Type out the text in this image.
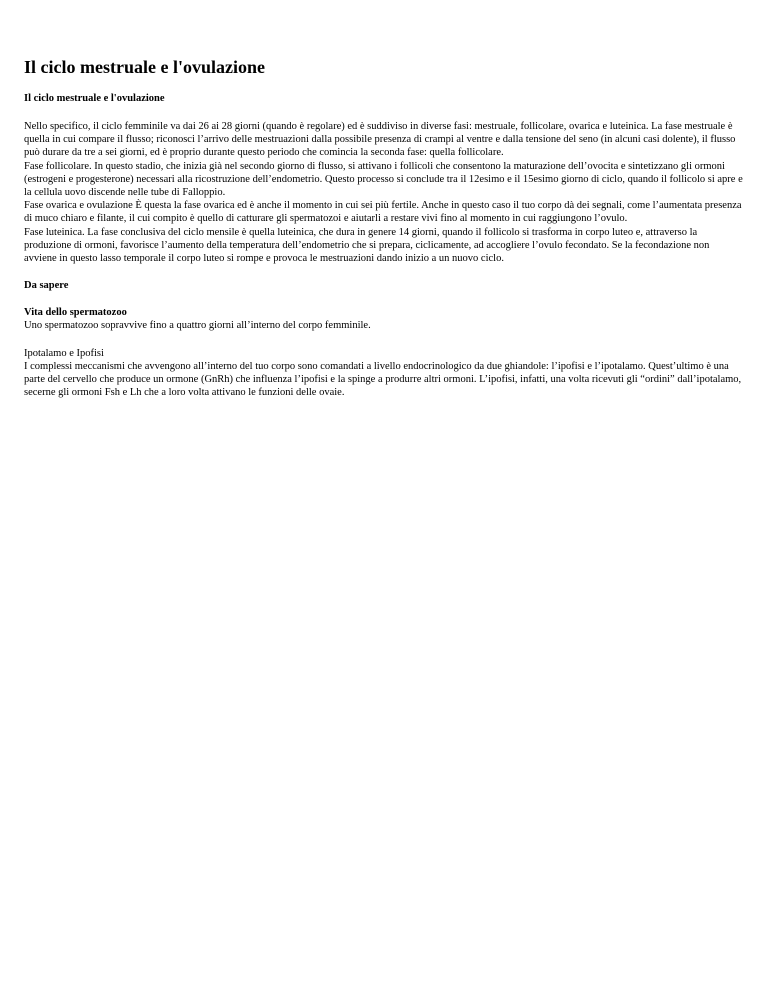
Il ciclo mestruale e l'ovulazione
Il ciclo mestruale e l'ovulazione
Nello specifico, il ciclo femminile va dai 26 ai 28 giorni (quando è regolare) ed è suddiviso in diverse fasi: mestruale, follicolare, ovarica e luteinica. La fase mestruale è quella in cui compare il flusso; riconosci l’arrivo delle mestruazioni dalla possibile presenza di crampi al ventre e dalla tensione del seno (in alcuni casi dolente), il flusso può durare da tre a sei giorni, ed è proprio durante questo periodo che comincia la seconda fase: quella follicolare.
Fase follicolare. In questo stadio, che inizia già nel secondo giorno di flusso, si attivano i follicoli che consentono la maturazione dell’ovocita e sintetizzano gli ormoni (estrogeni e progesterone) necessari alla ricostruzione dell’endometrio. Questo processo si conclude tra il 12esimo e il 15esimo giorno di ciclo, quando il follicolo si apre e la cellula uovo discende nelle tube di Falloppio.
Fase ovarica e ovulazione È questa la fase ovarica ed è anche il momento in cui sei più fertile. Anche in questo caso il tuo corpo dà dei segnali, come l’aumentata presenza di muco chiaro e filante, il cui compito è quello di catturare gli spermatozoi e aiutarli a restare vivi fino al momento in cui raggiungono l’ovulo.
Fase luteinica. La fase conclusiva del ciclo mensile è quella luteinica, che dura in genere 14 giorni, quando il follicolo si trasforma in corpo luteo e, attraverso la produzione di ormoni, favorisce l’aumento della temperatura dell’endometrio che si prepara, ciclicamente, ad accogliere l’ovulo fecondato. Se la fecondazione non avviene in questo lasso temporale il corpo luteo si rompe e provoca le mestruazioni dando inizio a un nuovo ciclo.
Da sapere
Vita dello spermatozoo
Uno spermatozoo sopravvive fino a quattro giorni all’interno del corpo femminile.
Ipotalamo e Ipofisi
I complessi meccanismi che avvengono all’interno del tuo corpo sono comandati a livello endocrinologico da due ghiandole: l’ipofisi e l’ipotalamo. Quest’ultimo è una parte del cervello che produce un ormone (GnRh) che influenza l’ipofisi e la spinge a produrre altri ormoni. L’ipofisi, infatti, una volta ricevuti gli “ordini” dall’ipotalamo, secerne gli ormoni Fsh e Lh che a loro volta attivano le funzioni delle ovaie.
